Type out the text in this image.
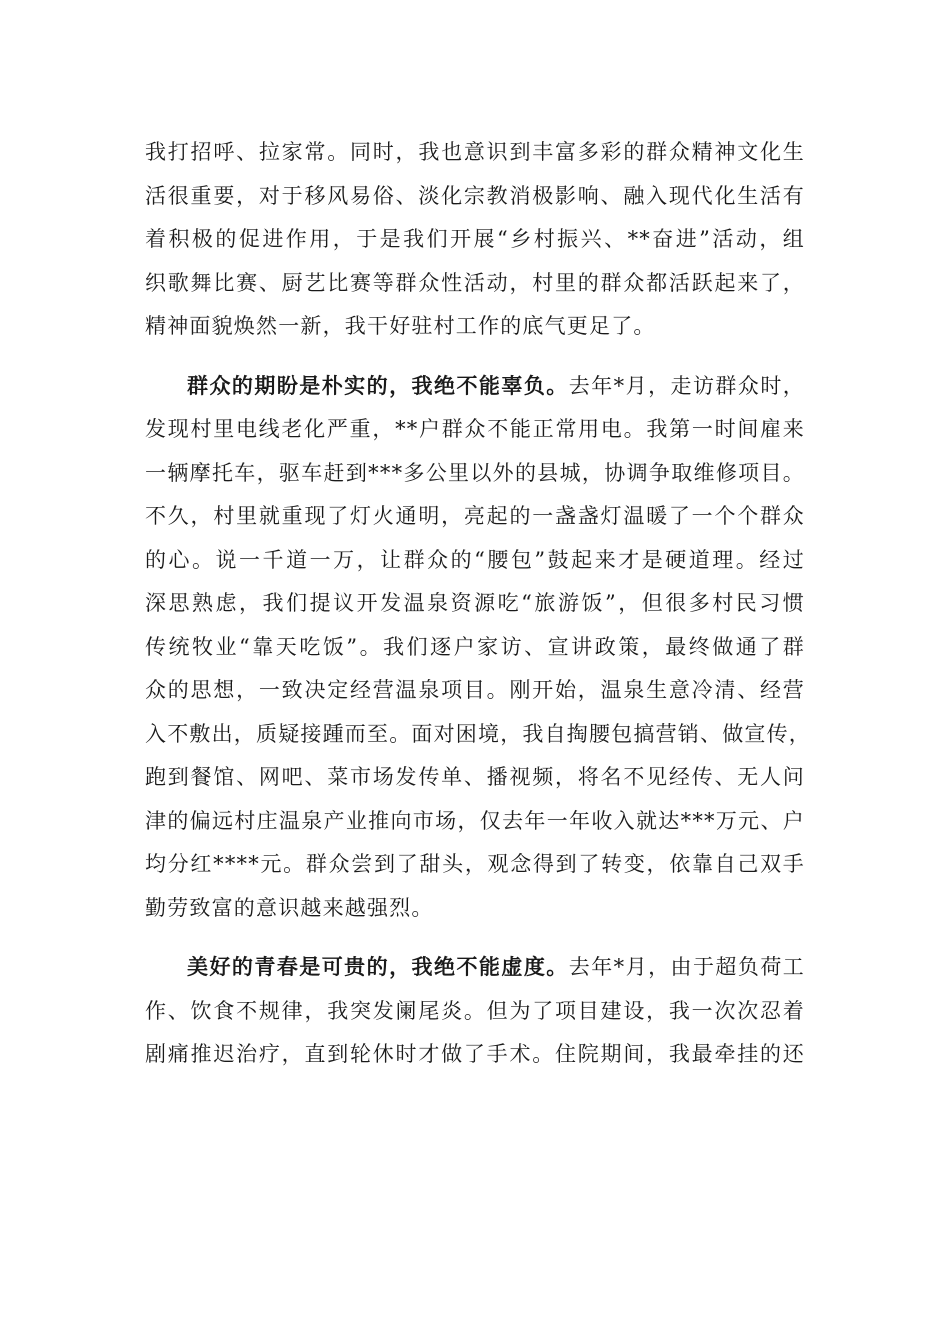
我打招呼、拉家常。同时，我也意识到丰富多彩的群众精神文化生
活很重要，对于移风易俗、淡化宗教消极影响、融入现代化生活有
着积极的促进作用，于是我们开展“乡村振兴、**奋进”活动，组
织歌舞比赛、厨艺比赛等群众性活动，村里的群众都活跃起来了，
精神面貌焕然一新，我干好驻村工作的底气更足了。
群众的期盼是朴实的，我绝不能辜负。去年*月，走访群众时，
发现村里电线老化严重，**户群众不能正常用电。我第一时间雇来
一辆摩托车，驱车赶到***多公里以外的县城，协调争取维修项目。
不久，村里就重现了灯火通明，亮起的一盏盏灯温暖了一个个群众
的心。说一千道一万，让群众的“腰包”鼓起来才是硬道理。经过
深思熟虑，我们提议开发温泉资源吃“旅游饭”，但很多村民习惯
传统牧业“靠天吃饭”。我们逐户家访、宣讲政策，最终做通了群
众的思想，一致决定经营温泉项目。刚开始，温泉生意冷清、经营
入不敷出，质疑接踵而至。面对困境，我自掏腰包搞营销、做宣传，
跑到餐馆、网吧、菜市场发传单、播视频，将名不见经传、无人问
津的偏远村庄温泉产业推向市场，仅去年一年收入就达***万元、户
均分红****元。群众尝到了甜头，观念得到了转变，依靠自己双手
勤劳致富的意识越来越强烈。
美好的青春是可贵的，我绝不能虚度。去年*月，由于超负荷工
作、饮食不规律，我突发阑尾炎。但为了项目建设，我一次次忍着
剧痛推迟治疗，直到轮休时才做了手术。住院期间，我最牵挂的还
